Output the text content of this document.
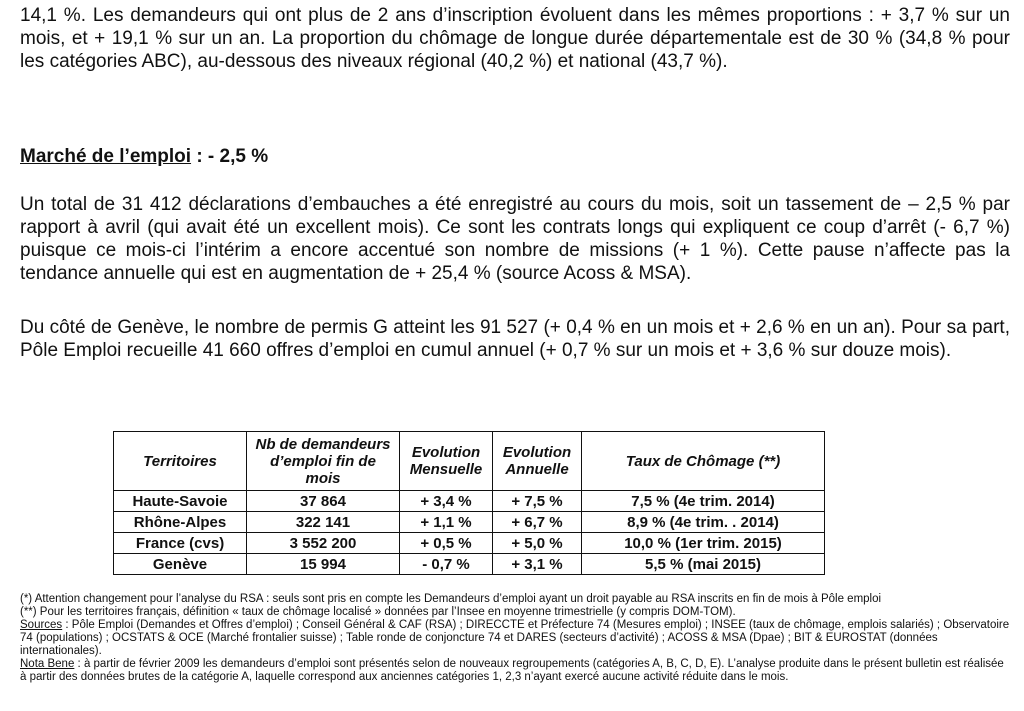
14,1 %. Les demandeurs qui ont plus de 2 ans d’inscription évoluent dans les mêmes proportions : + 3,7 % sur un mois, et + 19,1 % sur un an. La proportion du chômage de longue durée départementale est de 30 % (34,8 % pour les catégories ABC), au-dessous des niveaux régional (40,2 %) et national (43,7 %).

Marché de l’emploi : - 2,5 %

Un total de 31 412 déclarations d’embauches a été enregistré au cours du mois, soit un tassement de – 2,5 % par rapport à avril (qui avait été un excellent mois). Ce sont les contrats longs qui expliquent ce coup d’arrêt (- 6,7 %) puisque ce mois-ci l’intérim a encore accentué son nombre de missions (+ 1 %). Cette pause n’affecte pas la tendance annuelle qui est en augmentation de + 25,4 % (source Acoss & MSA).

Du côté de Genève, le nombre de permis G atteint les 91 527 (+ 0,4 % en un mois et + 2,6 % en un an). Pour sa part, Pôle Emploi recueille 41 660 offres d’emploi en cumul annuel (+ 0,7 % sur un mois et + 3,6 % sur douze mois).

Territoires	Nb de demandeurs d’emploi fin de mois	Evolution Mensuelle	Evolution Annuelle	Taux de Chômage (**)
Haute-Savoie	37 864	+ 3,4 %	+ 7,5 %	7,5 % (4e trim. 2014)
Rhône-Alpes	322 141	+ 1,1 %	+ 6,7 %	8,9 % (4e trim. . 2014)
France (cvs)	3 552 200	+ 0,5 %	+ 5,0 %	10,0 % (1er trim. 2015)
Genève	15 994	- 0,7 %	+ 3,1 %	5,5 % (mai 2015)

(*) Attention changement pour l’analyse du RSA : seuls sont pris en compte les Demandeurs d’emploi ayant un droit payable au RSA inscrits en fin de mois à Pôle emploi

(**) Pour les territoires français, définition « taux de chômage localisé » données par l’Insee en moyenne trimestrielle (y compris DOM-TOM).

Sources : Pôle Emploi (Demandes et Offres d’emploi) ; Conseil Général & CAF (RSA) ; DIRECCTE et Préfecture 74 (Mesures emploi) ; INSEE (taux de chômage, emplois salariés) ; Observatoire 74 (populations) ; OCSTATS & OCE (Marché frontalier suisse) ; Table ronde de conjoncture 74 et DARES (secteurs d’activité) ; ACOSS & MSA (Dpae) ; BIT & EUROSTAT (données internationales).

Nota Bene : à partir de février 2009 les demandeurs d’emploi sont présentés selon de nouveaux regroupements (catégories A, B, C, D, E). L’analyse produite dans le présent bulletin est réalisée à partir des données brutes de la catégorie A, laquelle correspond aux anciennes catégories 1, 2,3 n’ayant exercé aucune activité réduite dans le mois.
